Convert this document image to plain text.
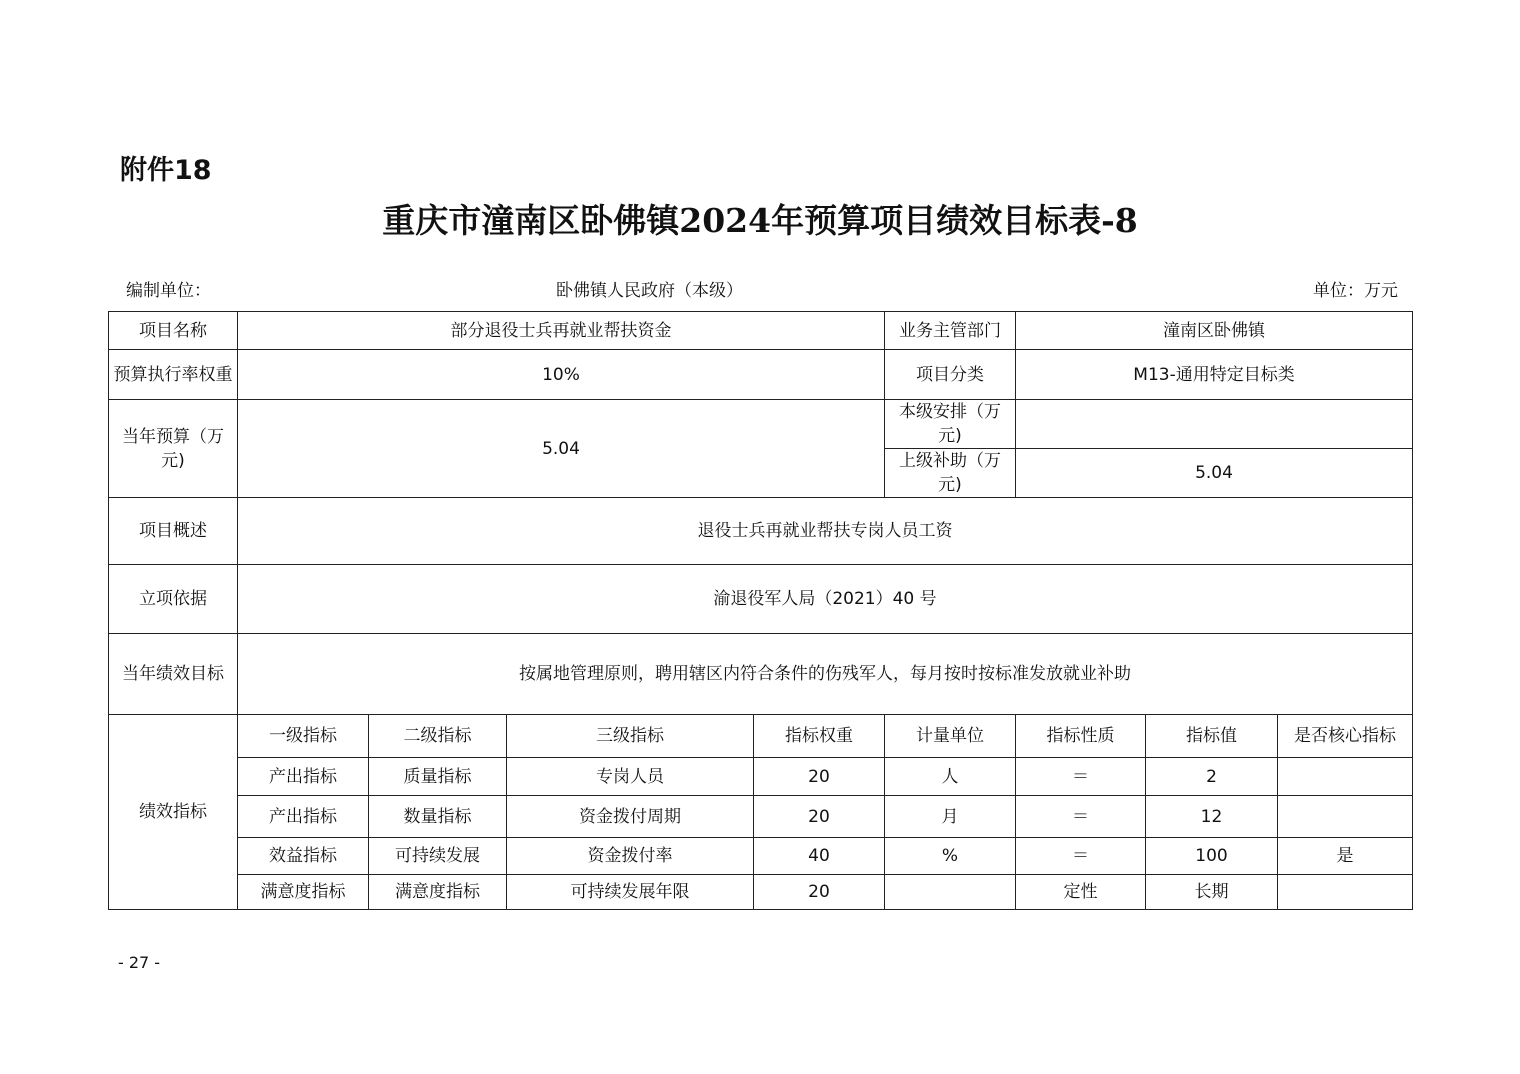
附件18
重庆市潼南区卧佛镇2024年预算项目绩效目标表-8
编制单位：	卧佛镇人民政府（本级）	单位：万元
项目名称	部分退役士兵再就业帮扶资金				业务主管部门	潼南区卧佛镇		
预算执行率权重	10%				项目分类	M13-通用特定目标类		
当年预算（万元)	5.04				本级安排（万元)			
					上级补助（万元)	5.04		
项目概述	退役士兵再就业帮扶专岗人员工资							
立项依据	渝退役军人局（2021）40 号							
当年绩效目标	按属地管理原则，聘用辖区内符合条件的伤残军人，每月按时按标准发放就业补助							
绩效指标	一级指标	二级指标	三级指标	指标权重	计量单位	指标性质	指标值	是否核心指标
	产出指标	质量指标	专岗人员	20	人	＝	2	
	产出指标	数量指标	资金拨付周期	20	月	＝	12	
	效益指标	可持续发展	资金拨付率	40	%	＝	100	是
	满意度指标	满意度指标	可持续发展年限	20		定性	长期	
- 27 -
